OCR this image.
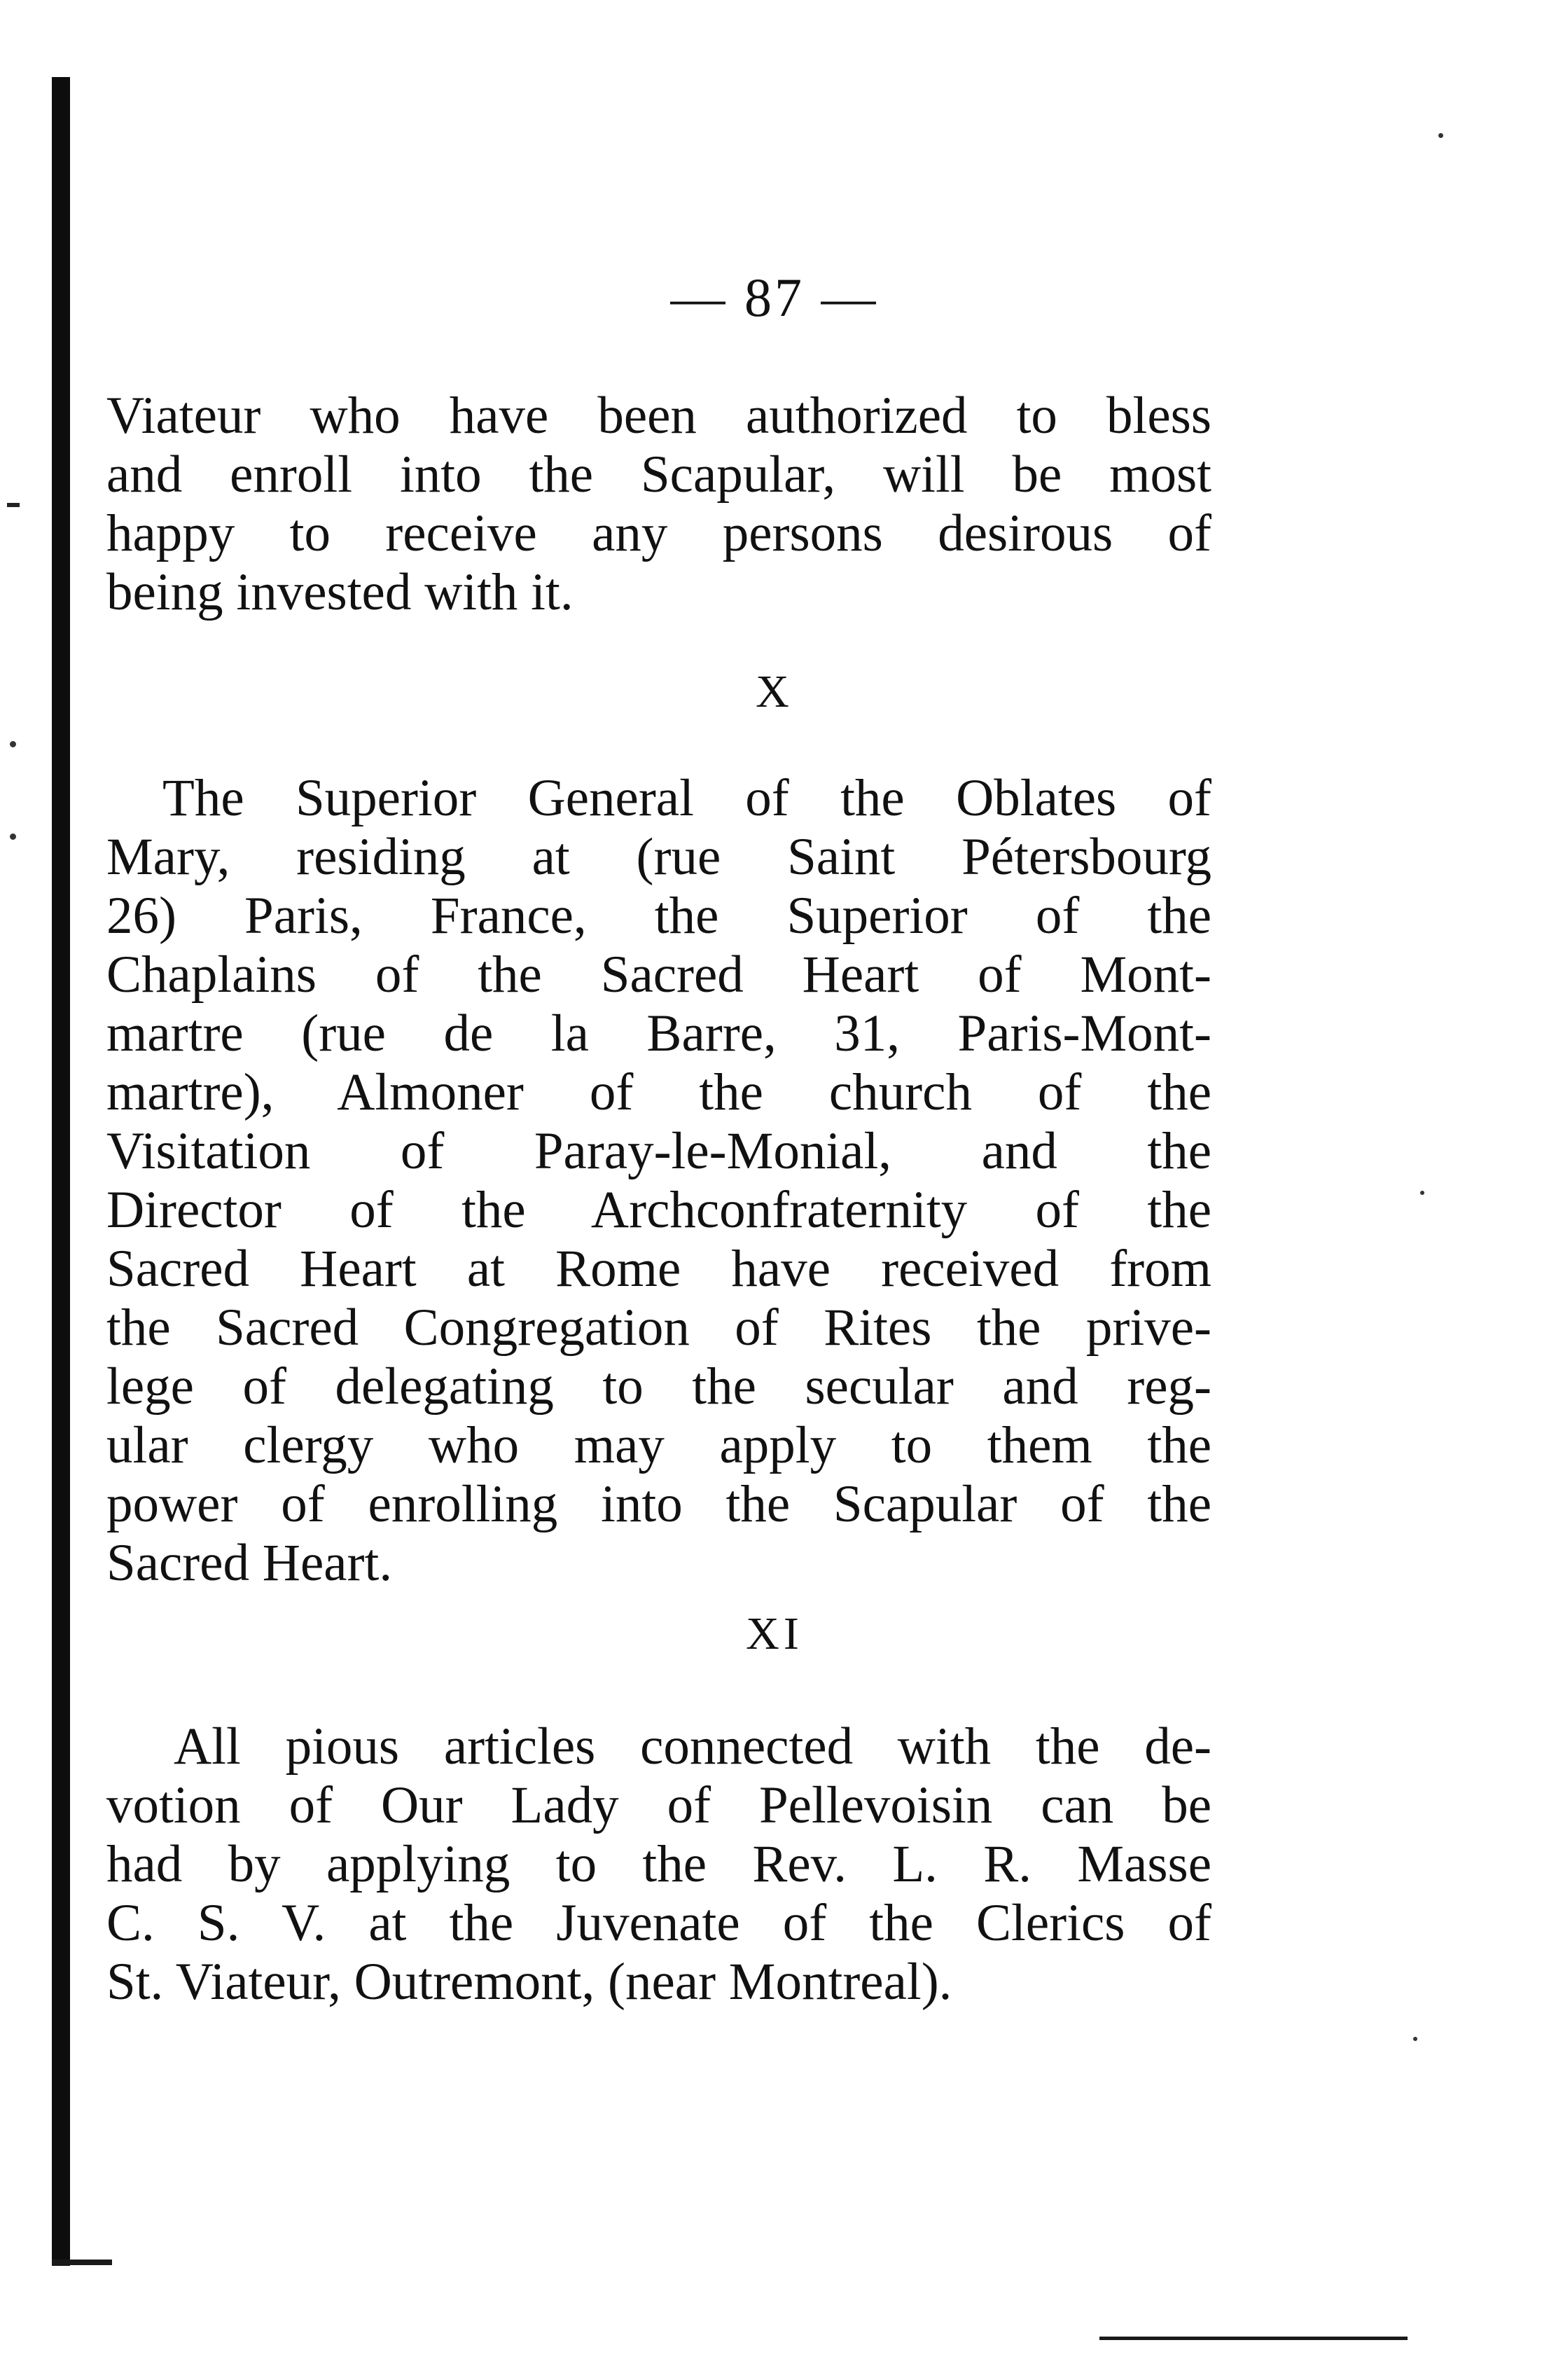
— 87 —
Viateur who have been authorized to bless
and enroll into the Scapular, will be most
happy to receive any persons desirous of
being invested with it.
X
The Superior General of the Oblates of
Mary, residing at (rue Saint Pétersbourg
26) Paris, France, the Superior of the
Chaplains of the Sacred Heart of Mont-
martre (rue de la Barre, 31, Paris-Mont-
martre), Almoner of the church of the
Visitation of Paray-le-Monial, and the
Director of the Archconfraternity of the
Sacred Heart at Rome have received from
the Sacred Congregation of Rites the prive-
lege of delegating to the secular and reg-
ular clergy who may apply to them the
power of enrolling into the Scapular of the
Sacred Heart.
XI
All pious articles connected with the de-
votion of Our Lady of Pellevoisin can be
had by applying to the Rev. L. R. Masse
C. S. V. at the Juvenate of the Clerics of
St. Viateur, Outremont, (near Montreal).
